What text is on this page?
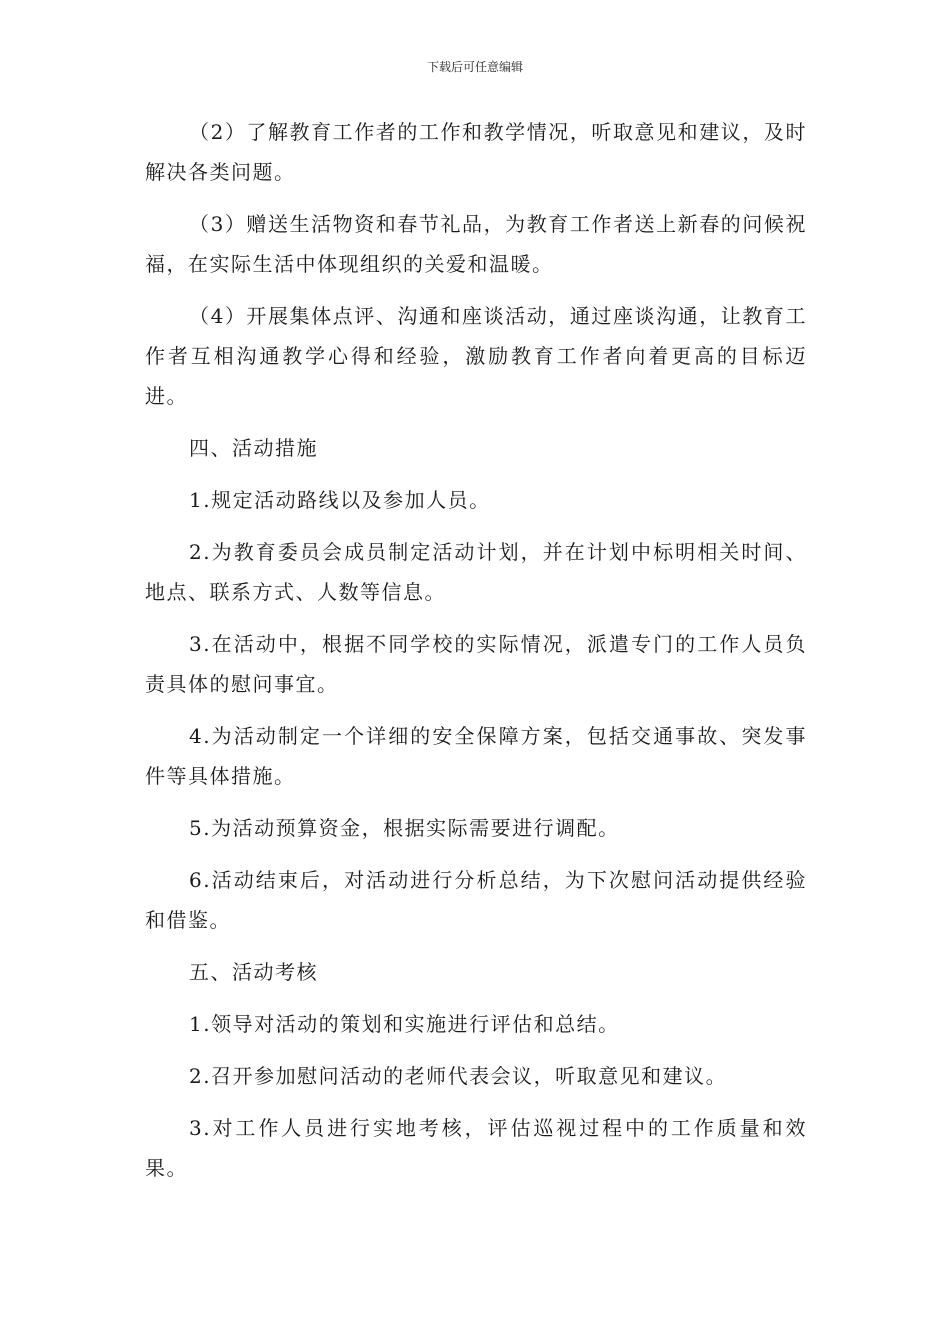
下载后可任意编辑

（2）了解教育工作者的工作和教学情况，听取意见和建议，及时解决各类问题。

（3）赠送生活物资和春节礼品，为教育工作者送上新春的问候祝福，在实际生活中体现组织的关爱和温暖。

（4）开展集体点评、沟通和座谈活动，通过座谈沟通，让教育工作者互相沟通教学心得和经验，激励教育工作者向着更高的目标迈进。

四、活动措施

1.规定活动路线以及参加人员。

2.为教育委员会成员制定活动计划，并在计划中标明相关时间、地点、联系方式、人数等信息。

3.在活动中，根据不同学校的实际情况，派遣专门的工作人员负责具体的慰问事宜。

4.为活动制定一个详细的安全保障方案，包括交通事故、突发事件等具体措施。

5.为活动预算资金，根据实际需要进行调配。

6.活动结束后，对活动进行分析总结，为下次慰问活动提供经验和借鉴。

五、活动考核

1.领导对活动的策划和实施进行评估和总结。

2.召开参加慰问活动的老师代表会议，听取意见和建议。

3.对工作人员进行实地考核，评估巡视过程中的工作质量和效果。
